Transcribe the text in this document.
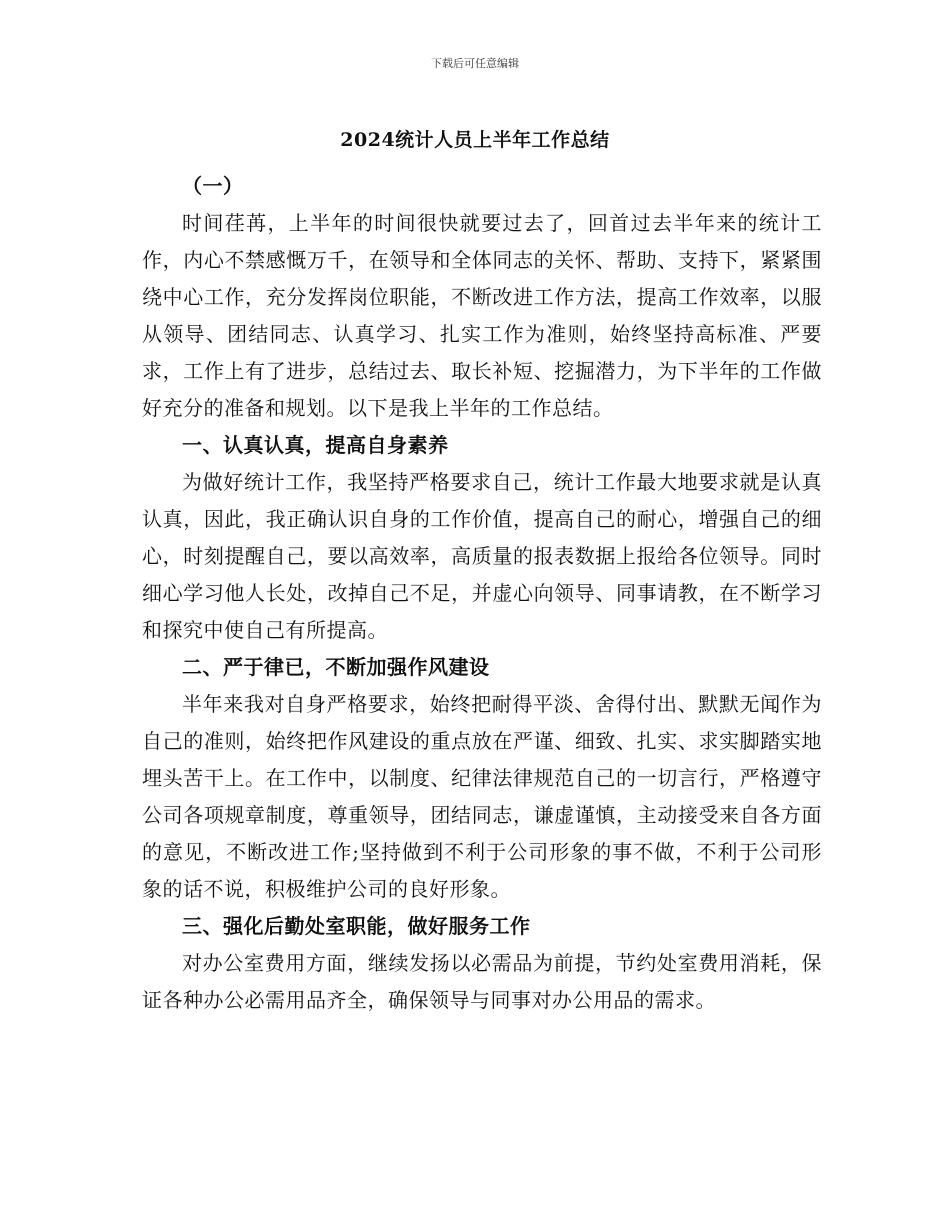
下载后可任意编辑
2024统计人员上半年工作总结

（一）

时间荏苒，上半年的时间很快就要过去了，回首过去半年来的统计工作，内心不禁感慨万千，在领导和全体同志的关怀、帮助、支持下，紧紧围绕中心工作，充分发挥岗位职能，不断改进工作方法，提高工作效率，以服从领导、团结同志、认真学习、扎实工作为准则，始终坚持高标准、严要求，工作上有了进步，总结过去、取长补短、挖掘潜力，为下半年的工作做好充分的准备和规划。以下是我上半年的工作总结。

一、认真认真，提高自身素养

为做好统计工作，我坚持严格要求自己，统计工作最大地要求就是认真认真，因此，我正确认识自身的工作价值，提高自己的耐心，增强自己的细心，时刻提醒自己，要以高效率，高质量的报表数据上报给各位领导。同时细心学习他人长处，改掉自己不足，并虚心向领导、同事请教，在不断学习和探究中使自己有所提高。

二、严于律已，不断加强作风建设

半年来我对自身严格要求，始终把耐得平淡、舍得付出、默默无闻作为自己的准则，始终把作风建设的重点放在严谨、细致、扎实、求实脚踏实地埋头苦干上。在工作中，以制度、纪律法律规范自己的一切言行，严格遵守公司各项规章制度，尊重领导，团结同志，谦虚谨慎，主动接受来自各方面的意见，不断改进工作;坚持做到不利于公司形象的事不做，不利于公司形象的话不说，积极维护公司的良好形象。

三、强化后勤处室职能，做好服务工作

对办公室费用方面，继续发扬以必需品为前提，节约处室费用消耗，保证各种办公必需用品齐全，确保领导与同事对办公用品的需求。
